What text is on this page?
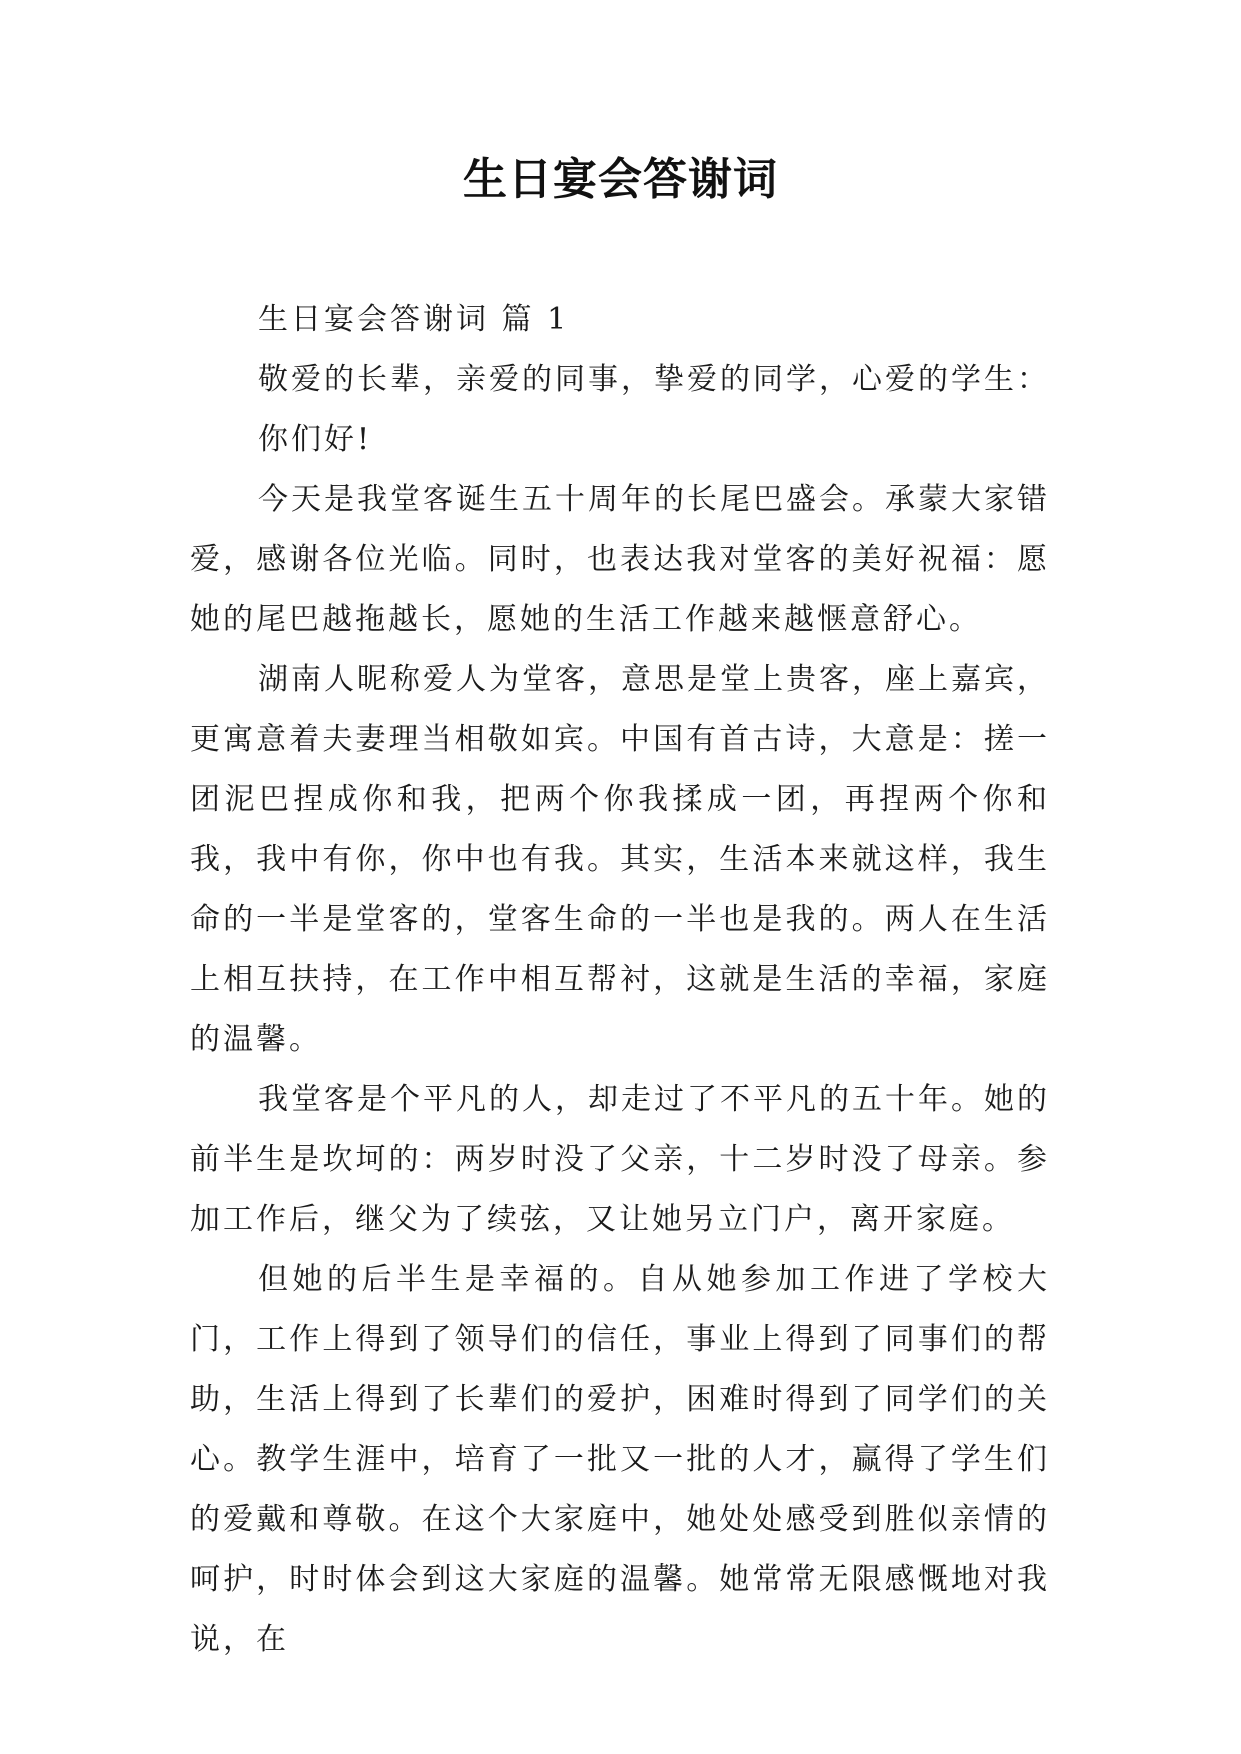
生日宴会答谢词

生日宴会答谢词 篇 1

敬爱的长辈，亲爱的同事，挚爱的同学，心爱的学生：

你们好!

今天是我堂客诞生五十周年的长尾巴盛会。承蒙大家错爱，感谢各位光临。同时，也表达我对堂客的美好祝福：愿她的尾巴越拖越长，愿她的生活工作越来越惬意舒心。

湖南人昵称爱人为堂客，意思是堂上贵客，座上嘉宾，更寓意着夫妻理当相敬如宾。中国有首古诗，大意是：搓一团泥巴捏成你和我，把两个你我揉成一团，再捏两个你和我，我中有你，你中也有我。其实，生活本来就这样，我生命的一半是堂客的，堂客生命的一半也是我的。两人在生活上相互扶持，在工作中相互帮衬，这就是生活的幸福，家庭的温馨。

我堂客是个平凡的人，却走过了不平凡的五十年。她的前半生是坎坷的：两岁时没了父亲，十二岁时没了母亲。参加工作后，继父为了续弦，又让她另立门户，离开家庭。

但她的后半生是幸福的。自从她参加工作进了学校大门，工作上得到了领导们的信任，事业上得到了同事们的帮助，生活上得到了长辈们的爱护，困难时得到了同学们的关心。教学生涯中，培育了一批又一批的人才，赢得了学生们的爱戴和尊敬。在这个大家庭中，她处处感受到胜似亲情的呵护，时时体会到这大家庭的温馨。她常常无限感慨地对我说，在
